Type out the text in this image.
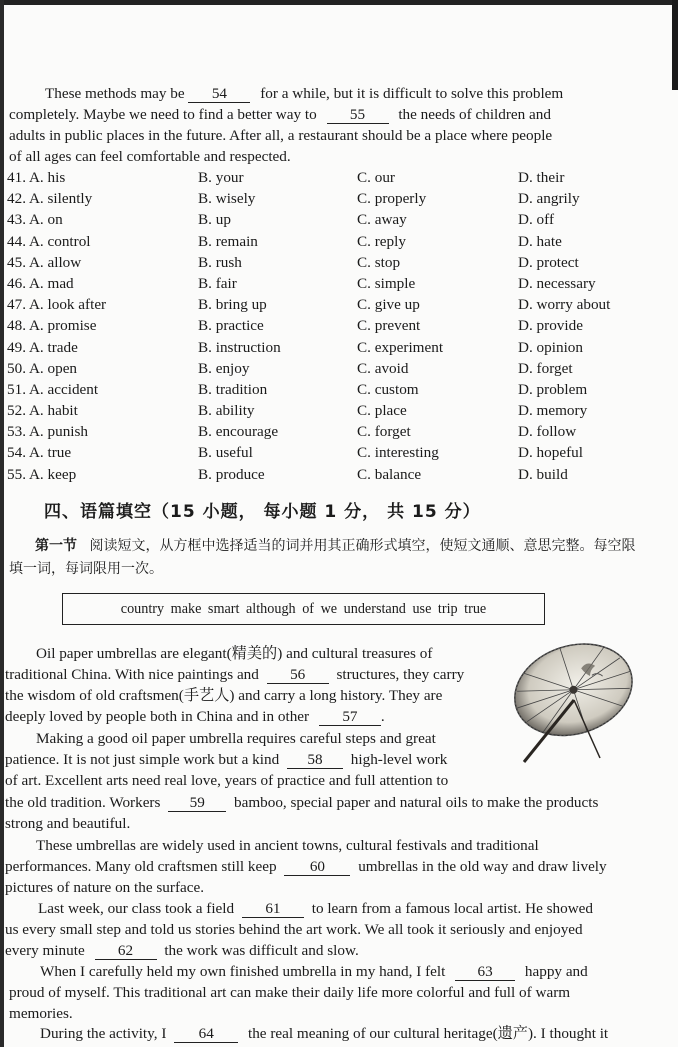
These methods may be 54 for a while, but it is difficult to solve this problem
completely. Maybe we need to find a better way to 55 the needs of children and
adults in public places in the future. After all, a restaurant should be a place where people
of all ages can feel comfortable and respected.
41. A. his	B. your	C. our	D. their
42. A. silently	B. wisely	C. properly	D. angrily
43. A. on	B. up	C. away	D. off
44. A. control	B. remain	C. reply	D. hate
45. A. allow	B. rush	C. stop	D. protect
46. A. mad	B. fair	C. simple	D. necessary
47. A. look after	B. bring up	C. give up	D. worry about
48. A. promise	B. practice	C. prevent	D. provide
49. A. trade	B. instruction	C. experiment	D. opinion
50. A. open	B. enjoy	C. avoid	D. forget
51. A. accident	B. tradition	C. custom	D. problem
52. A. habit	B. ability	C. place	D. memory
53. A. punish	B. encourage	C. forget	D. follow
54. A. true	B. useful	C. interesting	D. hopeful
55. A. keep	B. produce	C. balance	D. build
四、语篇填空（15 小题， 每小题 1 分， 共 15 分）
第一节 阅读短文，从方框中选择适当的词并用其正确形式填空，使短文通顺、意思完整。每空限填一词，每词限用一次。
country make smart although of we understand use trip true
Oil paper umbrellas are elegant(精美的) and cultural treasures of
traditional China. With nice paintings and 56 structures, they carry
the wisdom of old craftsmen(手艺人) and carry a long history. They are
deeply loved by people both in China and in other 57 .
Making a good oil paper umbrella requires careful steps and great
patience. It is not just simple work but a kind 58 high-level work
of art. Excellent arts need real love, years of practice and full attention to
the old tradition. Workers 59 bamboo, special paper and natural oils to make the products
strong and beautiful.
These umbrellas are widely used in ancient towns, cultural festivals and traditional
performances. Many old craftsmen still keep 60 umbrellas in the old way and draw lively
pictures of nature on the surface.
Last week, our class took a field 61 to learn from a famous local artist. He showed
us every small step and told us stories behind the art work. We all took it seriously and enjoyed
every minute 62 the work was difficult and slow.
When I carefully held my own finished umbrella in my hand, I felt 63 happy and
proud of myself. This traditional art can make their daily life more colorful and full of warm
memories.
During the activity, I 64 the real meaning of our cultural heritage(遗产). I thought it
